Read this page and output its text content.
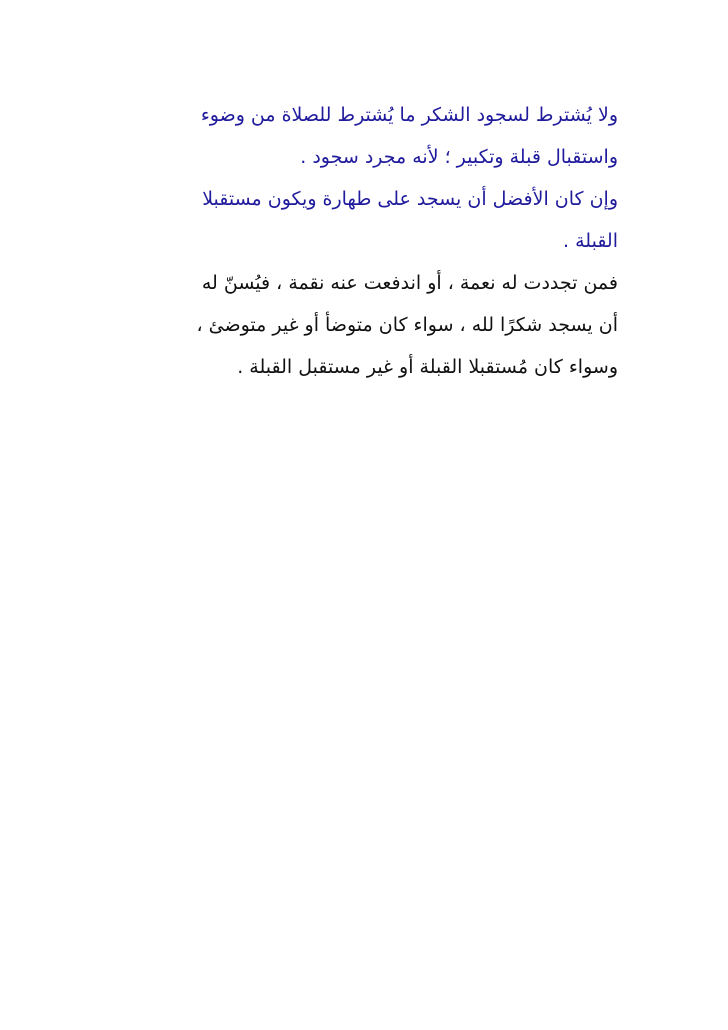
ولا يُشترط لسجود الشكر ما يُشترط للصلاة من وضوء
واستقبال قبلة وتكبير ؛ لأنه مجرد سجود .
وإن كان الأفضل أن يسجد على طهارة ويكون مستقبلا
القبلة .
فمن تجددت له نعمة ، أو اندفعت عنه نقمة ، فيُسنّ له
أن يسجد شكرًا لله ، سواء كان متوضأ أو غير متوضئ ،
وسواء كان مُستقبلا القبلة أو غير مستقبل القبلة .
